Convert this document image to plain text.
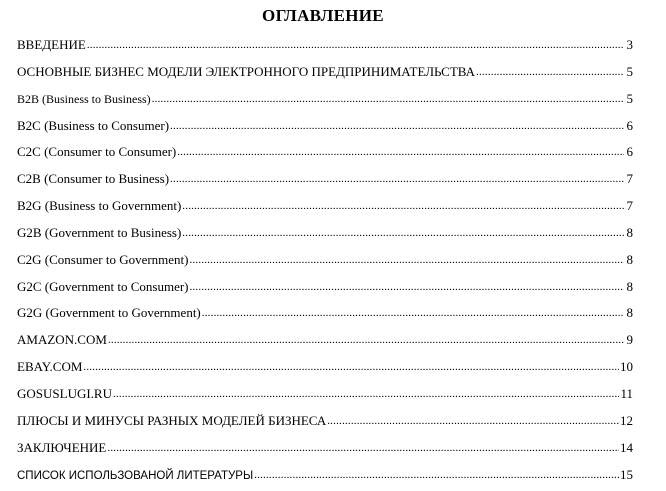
ОГЛАВЛЕНИЕ
ВВЕДЕНИЕ .....	3
ОСНОВНЫЕ БИЗНЕС МОДЕЛИ ЭЛЕКТРОННОГО ПРЕДПРИНИМАТЕЛЬСТВА .....	5
B2B (Business to Business) .....	5
B2C (Business to Consumer) .....	6
C2C (Consumer to Consumer) .....	6
C2B (Consumer to Business) .....	7
B2G (Business to Government) .....	7
G2B (Government to Business) .....	8
C2G (Consumer to Government) .....	8
G2C (Government to Consumer) .....	8
G2G (Government to Government) .....	8
AMAZON.COM .....	9
EBAY.COM .....	10
GOSUSLUGI.RU .....	11
ПЛЮСЫ И МИНУСЫ РАЗНЫХ МОДЕЛЕЙ БИЗНЕСА .....	12
ЗАКЛЮЧЕНИЕ .....	14
СПИСОК ИСПОЛЬЗОВАНОЙ ЛИТЕРАТУРЫ .....	15
